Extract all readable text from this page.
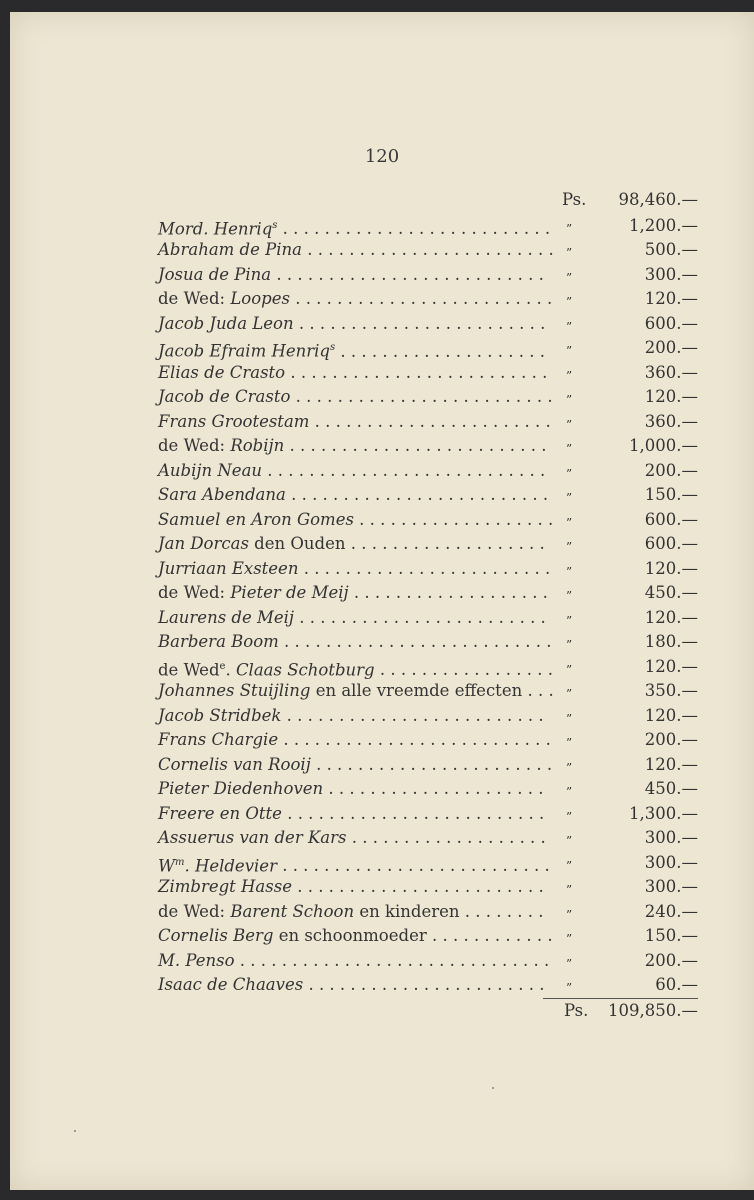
120
Ps. 98,460.—
Mord. Henriq$^s$ . . . . . . . . . . . . . . . . . . . . . . . . . . ”	1,200.—
Abraham de Pina . . . . . . . . . . . . . . . . . . . . . . . . ”	500.—
Josua de Pina . . . . . . . . . . . . . . . . . . . . . . . . . . ”	300.—
de Wed: Loopes . . . . . . . . . . . . . . . . . . . . . . . . . ”	120.—
Jacob Juda Leon . . . . . . . . . . . . . . . . . . . . . . . . ”	600.—
Jacob Efraim Henriq$^s$ . . . . . . . . . . . . . . . . . . . . ”	200.—
Elias de Crasto . . . . . . . . . . . . . . . . . . . . . . . . . ”	360.—
Jacob de Crasto . . . . . . . . . . . . . . . . . . . . . . . . . ”	120.—
Frans Grootestam . . . . . . . . . . . . . . . . . . . . . . . ”	360.—
de Wed: Robijn . . . . . . . . . . . . . . . . . . . . . . . . . ”	1,000.—
Aubijn Neau . . . . . . . . . . . . . . . . . . . . . . . . . . . ”	200.—
Sara Abendana . . . . . . . . . . . . . . . . . . . . . . . . . ”	150.—
Samuel en Aron Gomes . . . . . . . . . . . . . . . . . . . ”	600.—
Jan Dorcas den Ouden . . . . . . . . . . . . . . . . . . . ”	600.—
Jurriaan Exsteen . . . . . . . . . . . . . . . . . . . . . . . . ”	120.—
de Wed: Pieter de Meij . . . . . . . . . . . . . . . . . . . ”	450.—
Laurens de Meij . . . . . . . . . . . . . . . . . . . . . . . . ”	120.—
Barbera Boom . . . . . . . . . . . . . . . . . . . . . . . . . . ”	180.—
de Wed$^e$. Claas Schotburg . . . . . . . . . . . . . . . . . ”	120.—
Johannes Stuijling en alle vreemde effecten . . . ”	350.—
Jacob Stridbek . . . . . . . . . . . . . . . . . . . . . . . . . ”	120.—
Frans Chargie . . . . . . . . . . . . . . . . . . . . . . . . . . ”	200.—
Cornelis van Rooij . . . . . . . . . . . . . . . . . . . . . . . ”	120.—
Pieter Diedenhoven . . . . . . . . . . . . . . . . . . . . . ”	450.—
Freere en Otte . . . . . . . . . . . . . . . . . . . . . . . . . ”	1,300.—
Assuerus van der Kars . . . . . . . . . . . . . . . . . . . ”	300.—
$W^m$. Heldevier . . . . . . . . . . . . . . . . . . . . . . . . . . ”	300.—
Zimbregt Hasse . . . . . . . . . . . . . . . . . . . . . . . . ”	300.—
de Wed: Barent Schoon en kinderen . . . . . . . . ”	240.—
Cornelis Berg en schoonmoeder . . . . . . . . . . . . ”	150.—
M. Penso . . . . . . . . . . . . . . . . . . . . . . . . . . . . . . ”	200.—
Isaac de Chaaves . . . . . . . . . . . . . . . . . . . . . . . ”	60.—
Ps. 109,850.—
